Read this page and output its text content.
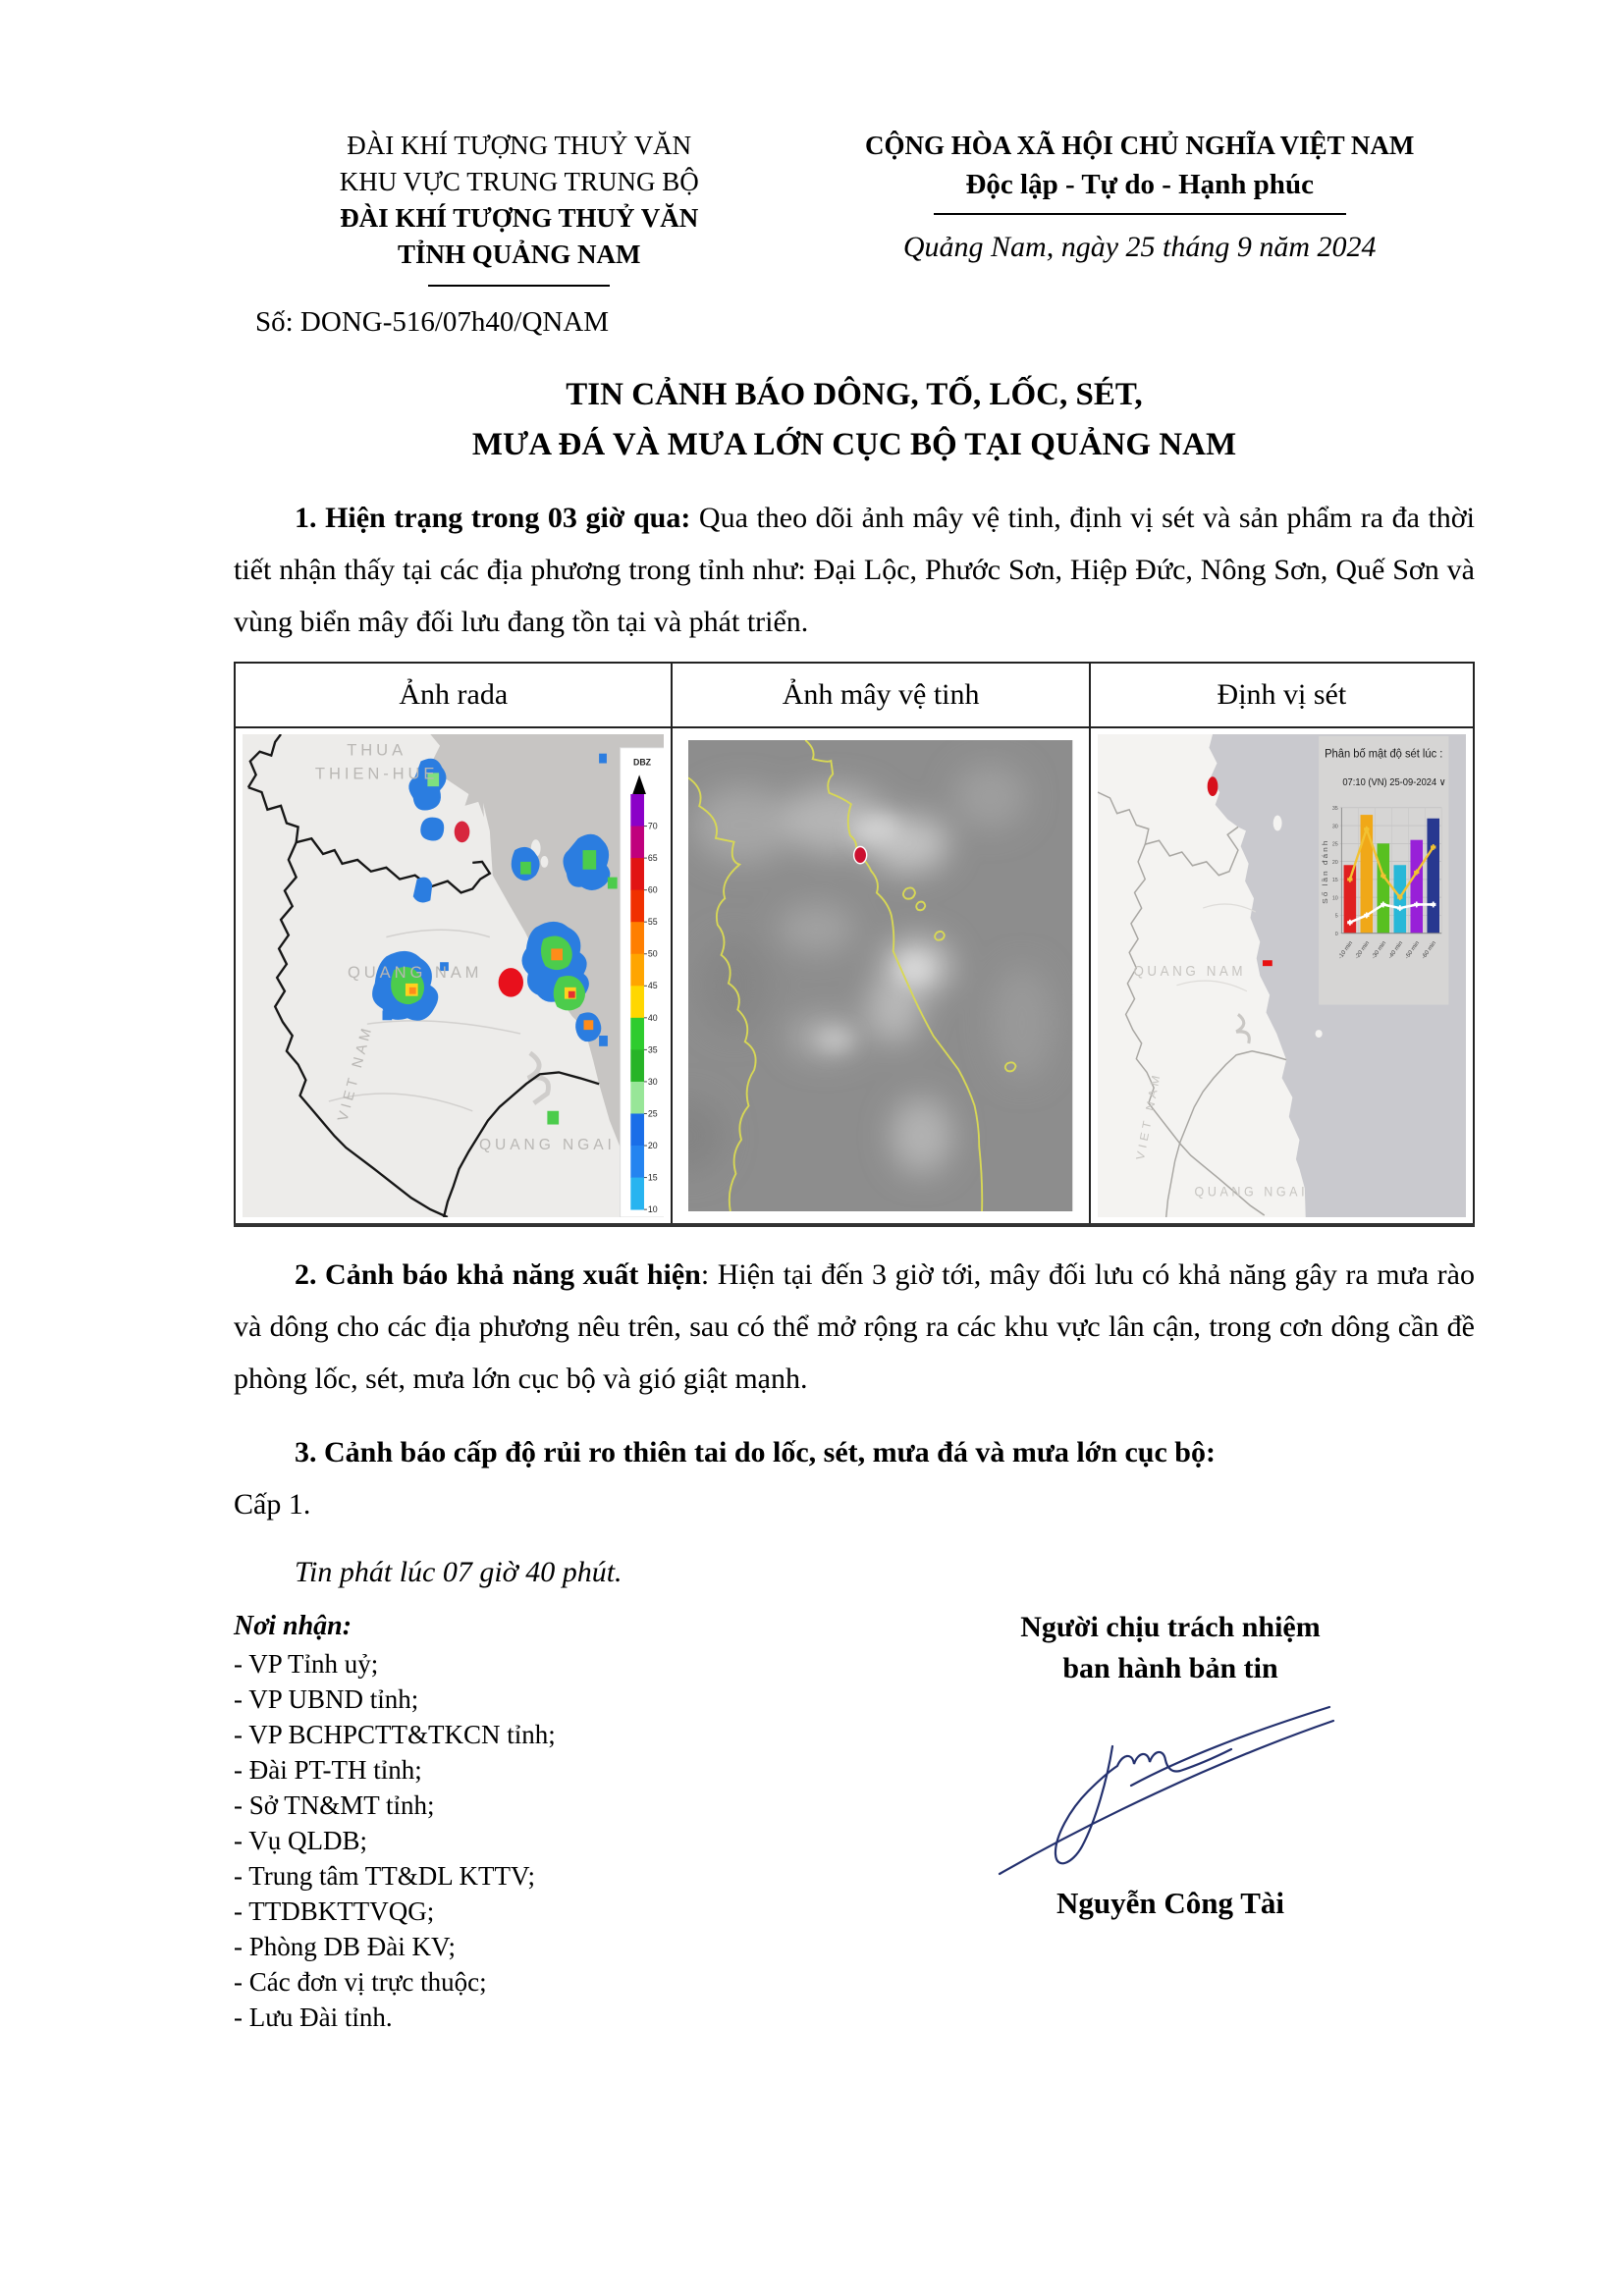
ĐÀI KHÍ TƯỢNG THUỶ VĂN
KHU VỰC TRUNG TRUNG BỘ
ĐÀI KHÍ TƯỢNG THUỶ VĂN
TỈNH QUẢNG NAM
CỘNG HÒA XÃ HỘI CHỦ NGHĨA VIỆT NAM
Độc lập - Tự do - Hạnh phúc
Quảng Nam, ngày 25 tháng 9 năm 2024
Số: DONG-516/07h40/QNAM
TIN CẢNH BÁO DÔNG, TỐ, LỐC, SÉT,
MƯA ĐÁ VÀ MƯA LỚN CỤC BỘ TẠI QUẢNG NAM

1. Hiện trạng trong 03 giờ qua: Qua theo dõi ảnh mây vệ tinh, định vị sét và sản phẩm ra đa thời tiết nhận thấy tại các địa phương trong tỉnh như: Đại Lộc, Phước Sơn, Hiệp Đức, Nông Sơn, Quế Sơn và vùng biển mây đối lưu đang tồn tại và phát triển.

Ảnh rada	Ảnh mây vệ tinh	Định vị sét

THUA
THIEN-HUE
QUANG NAM
QUANG NGAI
VIET NAM
DBZ
70
65
60
55
50
45
40
35
30
25
20
15
10

QUANG NAM
QUANG NGAI
VIET NAM
Phân bố mật độ sét lúc :
07:10 (VN) 25-09-2024 ∨
Số lần đánh
0
5
10
15
20
25
30
35
-10 min -20 min -30 min -40 min -50 min -60 min

2. Cảnh báo khả năng xuất hiện: Hiện tại đến 3 giờ tới, mây đối lưu có khả năng gây ra mưa rào và dông cho các địa phương nêu trên, sau có thể mở rộng ra các khu vực lân cận, trong cơn dông cần đề phòng lốc, sét, mưa lớn cục bộ và gió giật mạnh.

3. Cảnh báo cấp độ rủi ro thiên tai do lốc, sét, mưa đá và mưa lớn cục bộ:

Cấp 1.

Tin phát lúc 07 giờ 40 phút.

Nơi nhận:
- VP Tỉnh uỷ;
- VP UBND tỉnh;
- VP BCHPCTT&TKCN tỉnh;
- Đài PT-TH tỉnh;
- Sở TN&MT tỉnh;
- Vụ QLDB;
- Trung tâm TT&DL KTTV;
- TTDBKTTVQG;
- Phòng DB Đài KV;
- Các đơn vị trực thuộc;
- Lưu Đài tỉnh.
Người chịu trách nhiệm
ban hành bản tin
Nguyễn Công Tài
